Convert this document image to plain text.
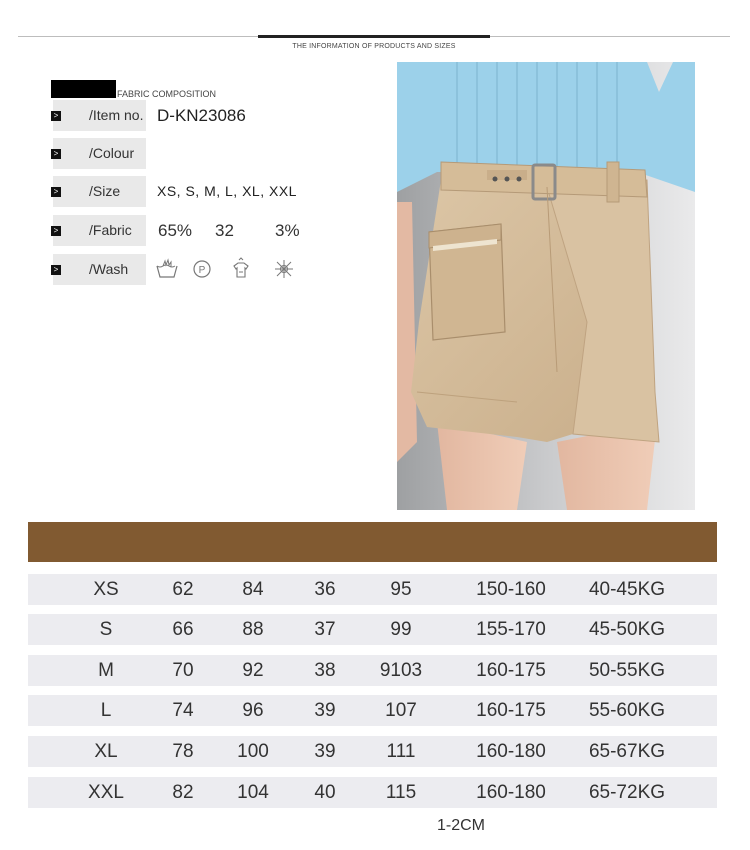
THE INFORMATION OF PRODUCTS AND SIZES
FABRIC COMPOSITION
/Item no.
>	D-KN23086
/Colour
>
/Size
>	XS, S, M, L, XL, XXL
/Fabric
>	65% 32 3%
/Wash
>	P
XS	62	84	36	95	150-160	40-45KG
S	66	88	37	99	155-170	45-50KG
M	70	92	38	9103	160-175	50-55KG
L	74	96	39	107	160-175	55-60KG
XL	78	100	39	111	160-180	65-67KG
XXL	82	104	40	115	160-180	65-72KG
1-2CM
